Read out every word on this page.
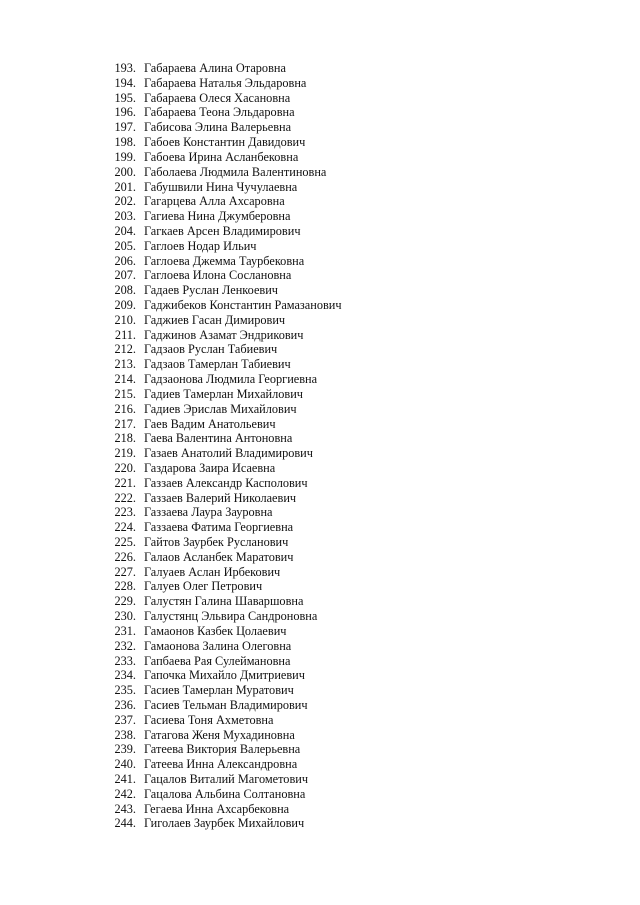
193. Габараева Алина Отаровна
194. Габараева Наталья Эльдаровна
195. Габараева Олеся Хасановна
196. Габараева Теона Эльдаровна
197. Габисова Элина Валерьевна
198. Габоев Константин Давидович
199. Габоева Ирина Асланбековна
200. Габолаева Людмила Валентиновна
201. Габушвили Нина Чучулаевна
202. Гагарцева Алла Ахсаровна
203. Гагиева Нина Джумберовна
204. Гагкаев Арсен Владимирович
205. Гаглоев Нодар Ильич
206. Гаглоева Джемма Таурбековна
207. Гаглоева Илона Сослановна
208. Гадаев Руслан Ленкоевич
209. Гаджибеков Константин Рамазанович
210. Гаджиев Гасан Димирович
211. Гаджинов Азамат Эндрикович
212. Гадзаов Руслан Табиевич
213. Гадзаов Тамерлан Табиевич
214. Гадзаонова Людмила Георгиевна
215. Гадиев Тамерлан Михайлович
216. Гадиев Эрислав Михайлович
217. Гаев Вадим Анатольевич
218. Гаева Валентина Антоновна
219. Газаев Анатолий Владимирович
220. Газдарова Заира Исаевна
221. Газзаев Александр Касполович
222. Газзаев Валерий Николаевич
223. Газзаева Лаура Зауровна
224. Газзаева Фатима Георгиевна
225. Гайтов Заурбек Русланович
226. Галаов Асланбек Маратович
227. Галуаев Аслан Ирбекович
228. Галуев Олег Петрович
229. Галустян Галина Шаваршовна
230. Галустянц Эльвира Сандроновна
231. Гамаонов Казбек Цолаевич
232. Гамаонова Залина Олеговна
233. Гапбаева Рая Сулеймановна
234. Гапочка Михайло Дмитриевич
235. Гасиев Тамерлан Муратович
236. Гасиев Тельман Владимирович
237. Гасиева Тоня Ахметовна
238. Гатагова Женя Мухадиновна
239. Гатеева Виктория Валерьевна
240. Гатеева Инна Александровна
241. Гацалов Виталий Магометович
242. Гацалова Альбина Солтановна
243. Гегаева Инна Ахсарбековна
244. Гиголаев Заурбек Михайлович
